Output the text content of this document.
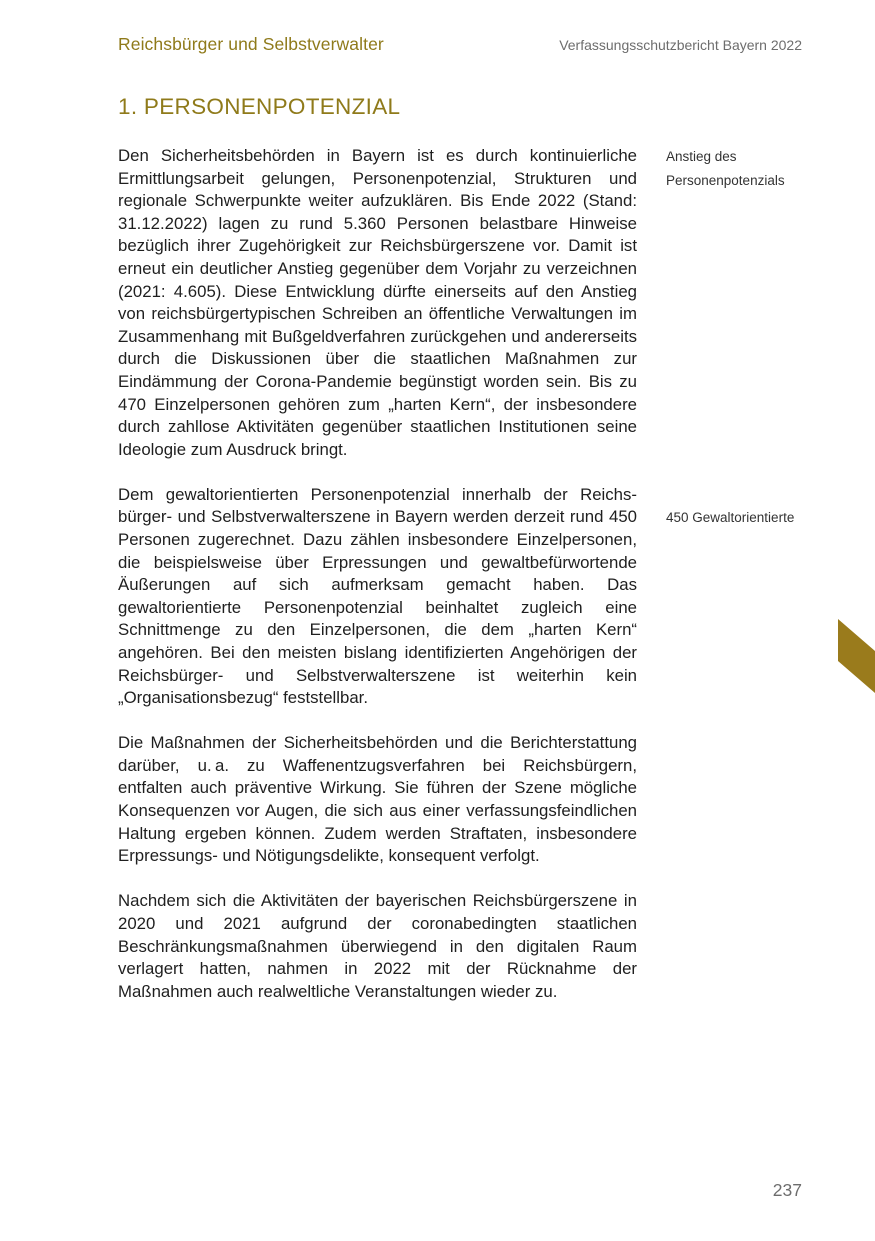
Reichsbürger und Selbstverwalter	Verfassungsschutzbericht Bayern 2022
1. PERSONENPOTENZIAL

Den Sicherheitsbehörden in Bayern ist es durch kontinuierliche Ermittlungsarbeit gelungen, Personenpotenzial, Strukturen und regionale Schwerpunkte weiter aufzuklären. Bis Ende 2022 (Stand: 31.12.2022) lagen zu rund 5.360 Personen belastbare Hinweise bezüglich ihrer Zugehörigkeit zur Reichsbürgerszene vor. Damit ist erneut ein deutlicher Anstieg gegenüber dem Vorjahr zu verzeichnen (2021: 4.605). Diese Entwicklung dürfte einerseits auf den Anstieg von reichsbürgertypischen Schreiben an öffentliche Verwaltungen im Zusammenhang mit Bußgeldverfahren zurückgehen und andererseits durch die Diskussionen über die staatlichen Maßnahmen zur Eindämmung der Corona-Pandemie begünstigt worden sein. Bis zu 470 Einzelpersonen gehören zum „harten Kern“, der insbesondere durch zahllose Aktivitäten gegenüber staatlichen Institutionen seine Ideologie zum Ausdruck bringt.

Dem gewaltorientierten Personenpotenzial innerhalb der Reichsbürger- und Selbstverwalterszene in Bayern werden derzeit rund 450 Personen zugerechnet. Dazu zählen insbesondere Einzelpersonen, die beispielsweise über Erpressungen und gewaltbefürwortende Äußerungen auf sich aufmerksam gemacht haben. Das gewaltorientierte Personenpotenzial beinhaltet zugleich eine Schnittmenge zu den Einzelpersonen, die dem „harten Kern“ angehören. Bei den meisten bislang identifizierten Angehörigen der Reichsbürger- und Selbstverwalterszene ist weiterhin kein „Organisationsbezug“ feststellbar.

Die Maßnahmen der Sicherheitsbehörden und die Berichterstattung darüber, u. a. zu Waffenentzugsverfahren bei Reichsbürgern, entfalten auch präventive Wirkung. Sie führen der Szene mögliche Konsequenzen vor Augen, die sich aus einer verfassungsfeindlichen Haltung ergeben können. Zudem werden Straftaten, insbesondere Erpressungs- und Nötigungsdelikte, konsequent verfolgt.

Nachdem sich die Aktivitäten der bayerischen Reichsbürgerszene in 2020 und 2021 aufgrund der coronabedingten staatlichen Beschränkungsmaßnahmen überwiegend in den digitalen Raum verlagert hatten, nahmen in 2022 mit der Rücknahme der Maßnahmen auch realweltliche Veranstaltungen wieder zu.

Anstieg des Personenpotenzials
450 Gewaltorientierte
237
